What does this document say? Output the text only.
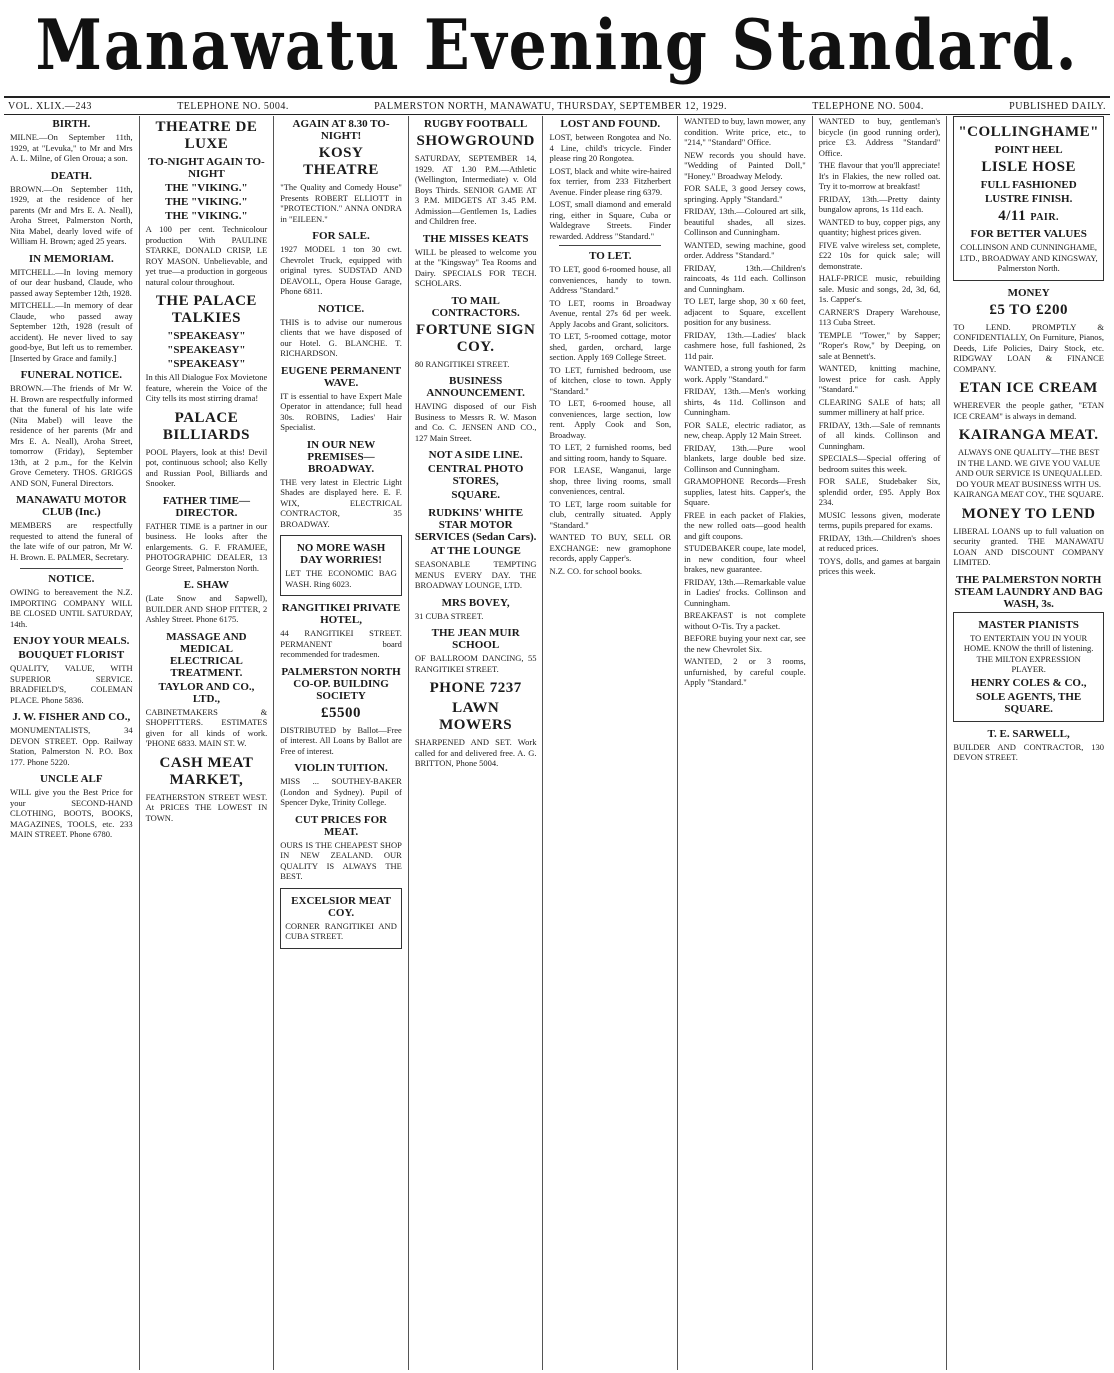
Manawatu Evening Standard.
VOL. XLIX.—243	TELEPHONE NO. 5004.	PALMERSTON NORTH, MANAWATU, THURSDAY, SEPTEMBER 12, 1929.	TELEPHONE NO. 5004.	PUBLISHED DAILY.
BIRTH.

MILNE.—On September 11th, 1929, at "Levuka," to Mr and Mrs A. L. Milne, of Glen Oroua; a son.

DEATH.

BROWN.—On September 11th, 1929, at the residence of her parents (Mr and Mrs E. A. Neall), Aroha Street, Palmerston North, Nita Mabel, dearly loved wife of William H. Brown; aged 25 years.

IN MEMORIAM.

MITCHELL.—In loving memory of our dear husband, Claude, who passed away September 12th, 1928.

MITCHELL.—In memory of dear Claude, who passed away September 12th, 1928 (result of accident). He never lived to say good-bye, But left us to remember. [Inserted by Grace and family.]

FUNERAL NOTICE.

BROWN.—The friends of Mr W. H. Brown are respectfully informed that the funeral of his late wife (Nita Mabel) will leave the residence of her parents (Mr and Mrs E. A. Neall), Aroha Street, tomorrow (Friday), September 13th, at 2 p.m., for the Kelvin Grove Cemetery. THOS. GRIGGS AND SON, Funeral Directors.

MANAWATU MOTOR CLUB (Inc.)

MEMBERS are respectfully requested to attend the funeral of the late wife of our patron, Mr W. H. Brown. E. PALMER, Secretary.

NOTICE.

OWING to bereavement the N.Z. IMPORTING COMPANY WILL BE CLOSED UNTIL SATURDAY, 14th.

ENJOY YOUR MEALS.
BOUQUET FLORIST

QUALITY, VALUE, WITH SUPERIOR SERVICE. BRADFIELD'S, COLEMAN PLACE. Phone 5836.

J. W. FISHER AND CO.,

MONUMENTALISTS, 34 DEVON STREET. Opp. Railway Station, Palmerston N. P.O. Box 177. Phone 5220.

UNCLE ALF

WILL give you the Best Price for your SECOND-HAND CLOTHING, BOOTS, BOOKS, MAGAZINES, TOOLS, etc. 233 MAIN STREET. Phone 6780.

THEATRE DE LUXE
TO-NIGHT AGAIN TO-NIGHT
THE "VIKING."
THE "VIKING."
THE "VIKING."

A 100 per cent. Technicolour production With PAULINE STARKE, DONALD CRISP, LE ROY MASON. Unbelievable, and yet true—a production in gorgeous natural colour throughout.

THE PALACE TALKIES
"SPEAKEASY"
"SPEAKEASY"
"SPEAKEASY"

In this All Dialogue Fox Movietone feature, wherein the Voice of the City tells its most stirring drama!

PALACE BILLIARDS

POOL Players, look at this! Devil pot, continuous school; also Kelly and Russian Pool, Billiards and Snooker.

FATHER TIME—DIRECTOR.

FATHER TIME is a partner in our business. He looks after the enlargements. G. F. FRAMJEE, PHOTOGRAPHIC DEALER, 13 George Street, Palmerston North.

E. SHAW

(Late Snow and Sapwell), BUILDER AND SHOP FITTER, 2 Ashley Street. Phone 6175.

MASSAGE AND MEDICAL ELECTRICAL TREATMENT.
TAYLOR AND CO., LTD.,

CABINETMAKERS & SHOPFITTERS. ESTIMATES given for all kinds of work. 'PHONE 6833. MAIN ST. W.

CASH MEAT MARKET,

FEATHERSTON STREET WEST. At PRICES THE LOWEST IN TOWN.

AGAIN AT 8.30 TO-NIGHT!
KOSY THEATRE

"The Quality and Comedy House" Presents ROBERT ELLIOTT in "PROTECTION." ANNA ONDRA in "EILEEN."

FOR SALE.

1927 MODEL 1 ton 30 cwt. Chevrolet Truck, equipped with original tyres. SUDSTAD AND DEAVOLL, Opera House Garage, Phone 6811.

NOTICE.

THIS is to advise our numerous clients that we have disposed of our Hotel. G. BLANCHE. T. RICHARDSON.

EUGENE PERMANENT WAVE.

IT is essential to have Expert Male Operator in attendance; full head 30s. ROBINS, Ladies' Hair Specialist.

IN OUR NEW PREMISES—BROADWAY.

THE very latest in Electric Light Shades are displayed here. E. F. WIX, ELECTRICAL CONTRACTOR, 35 BROADWAY.

NO MORE WASH DAY WORRIES!

LET THE ECONOMIC BAG WASH. Ring 6023.

RANGITIKEI PRIVATE HOTEL,

44 RANGITIKEI STREET. PERMANENT board recommended for tradesmen.

PALMERSTON NORTH CO-OP. BUILDING SOCIETY
£5500

DISTRIBUTED by Ballot—Free of interest. All Loans by Ballot are Free of interest.

VIOLIN TUITION.

MISS ... SOUTHEY-BAKER (London and Sydney). Pupil of Spencer Dyke, Trinity College.

CUT PRICES FOR MEAT.

OURS IS THE CHEAPEST SHOP IN NEW ZEALAND. OUR QUALITY IS ALWAYS THE BEST.

EXCELSIOR MEAT COY.

CORNER RANGITIKEI AND CUBA STREET.

RUGBY FOOTBALL
SHOWGROUND

SATURDAY, SEPTEMBER 14, 1929. AT 1.30 P.M.—Athletic (Wellington, Intermediate) v. Old Boys Thirds. SENIOR GAME AT 3 P.M. MIDGETS AT 3.45 P.M. Admission—Gentlemen 1s, Ladies and Children free.

THE MISSES KEATS

WILL be pleased to welcome you at the "Kingsway" Tea Rooms and Dairy. SPECIALS FOR TECH. SCHOLARS.

TO MAIL CONTRACTORS.
FORTUNE SIGN COY.

80 RANGITIKEI STREET.

BUSINESS ANNOUNCEMENT.

HAVING disposed of our Fish Business to Messrs R. W. Mason and Co. C. JENSEN AND CO., 127 Main Street.

NOT A SIDE LINE.
CENTRAL PHOTO STORES,
SQUARE.
RUDKINS' WHITE STAR MOTOR SERVICES (Sedan Cars).
AT THE LOUNGE

SEASONABLE TEMPTING MENUS EVERY DAY. THE BROADWAY LOUNGE, LTD.

MRS BOVEY,

31 CUBA STREET.

THE JEAN MUIR SCHOOL

OF BALLROOM DANCING, 55 RANGITIKEI STREET.

PHONE 7237
LAWN MOWERS

SHARPENED AND SET. Work called for and delivered free. A. G. BRITTON, Phone 5004.

LOST AND FOUND.

LOST, between Rongotea and No. 4 Line, child's tricycle. Finder please ring 20 Rongotea.

LOST, black and white wire-haired fox terrier, from 233 Fitzherbert Avenue. Finder please ring 6379.

LOST, small diamond and emerald ring, either in Square, Cuba or Waldegrave Streets. Finder rewarded. Address "Standard."

TO LET.

TO LET, good 6-roomed house, all conveniences, handy to town. Address "Standard."

TO LET, rooms in Broadway Avenue, rental 27s 6d per week. Apply Jacobs and Grant, solicitors.

TO LET, 5-roomed cottage, motor shed, garden, orchard, large section. Apply 169 College Street.

TO LET, furnished bedroom, use of kitchen, close to town. Apply "Standard."

TO LET, 6-roomed house, all conveniences, large section, low rent. Apply Cook and Son, Broadway.

TO LET, 2 furnished rooms, bed and sitting room, handy to Square.

FOR LEASE, Wanganui, large shop, three living rooms, small conveniences, central.

TO LET, large room suitable for club, centrally situated. Apply "Standard."

WANTED TO BUY, SELL OR EXCHANGE: new gramophone records, apply Capper's.

N.Z. CO. for school books.

WANTED to buy, lawn mower, any condition. Write price, etc., to "214," "Standard" Office.

NEW records you should have. "Wedding of Painted Doll," "Honey." Broadway Melody.

FOR SALE, 3 good Jersey cows, springing. Apply "Standard."

FRIDAY, 13th.—Coloured art silk, beautiful shades, all sizes. Collinson and Cunningham.

WANTED, sewing machine, good order. Address "Standard."

FRIDAY, 13th.—Children's raincoats, 4s 11d each. Collinson and Cunningham.

TO LET, large shop, 30 x 60 feet, adjacent to Square, excellent position for any business.

FRIDAY, 13th.—Ladies' black cashmere hose, full fashioned, 2s 11d pair.

WANTED, a strong youth for farm work. Apply "Standard."

FRIDAY, 13th.—Men's working shirts, 4s 11d. Collinson and Cunningham.

FOR SALE, electric radiator, as new, cheap. Apply 12 Main Street.

FRIDAY, 13th.—Pure wool blankets, large double bed size. Collinson and Cunningham.

GRAMOPHONE Records—Fresh supplies, latest hits. Capper's, the Square.

FREE in each packet of Flakies, the new rolled oats—good health and gift coupons.

STUDEBAKER coupe, late model, in new condition, four wheel brakes, new guarantee.

FRIDAY, 13th.—Remarkable value in Ladies' frocks. Collinson and Cunningham.

BREAKFAST is not complete without O-Tis. Try a packet.

BEFORE buying your next car, see the new Chevrolet Six.

WANTED, 2 or 3 rooms, unfurnished, by careful couple. Apply "Standard."

WANTED to buy, gentleman's bicycle (in good running order), price £3. Address "Standard" Office.

THE flavour that you'll appreciate! It's in Flakies, the new rolled oat. Try it to-morrow at breakfast!

FRIDAY, 13th.—Pretty dainty bungalow aprons, 1s 11d each.

WANTED to buy, copper pigs, any quantity; highest prices given.

FIVE valve wireless set, complete, £22 10s for quick sale; will demonstrate.

HALF-PRICE music, rebuilding sale. Music and songs, 2d, 3d, 6d, 1s. Capper's.

CARNER'S Drapery Warehouse, 113 Cuba Street.

TEMPLE "Tower," by Sapper; "Roper's Row," by Deeping, on sale at Bennett's.

WANTED, knitting machine, lowest price for cash. Apply "Standard."

CLEARING SALE of hats; all summer millinery at half price.

FRIDAY, 13th.—Sale of remnants of all kinds. Collinson and Cunningham.

SPECIALS—Special offering of bedroom suites this week.

FOR SALE, Studebaker Six, splendid order, £95. Apply Box 234.

MUSIC lessons given, moderate terms, pupils prepared for exams.

FRIDAY, 13th.—Children's shoes at reduced prices.

TOYS, dolls, and games at bargain prices this week.

"COLLINGHAME"
POINT HEEL
LISLE HOSE
FULL FASHIONED
LUSTRE FINISH.
4/11 PAIR.
FOR BETTER VALUES

COLLINSON AND CUNNINGHAME, LTD., BROADWAY AND KINGSWAY, Palmerston North.

MONEY
£5 TO £200

TO LEND. PROMPTLY & CONFIDENTIALLY, On Furniture, Pianos, Deeds, Life Policies, Dairy Stock, etc. RIDGWAY LOAN & FINANCE COMPANY.

ETAN ICE CREAM

WHEREVER the people gather, "ETAN ICE CREAM" is always in demand.

KAIRANGA MEAT.

ALWAYS ONE QUALITY—THE BEST IN THE LAND. WE GIVE YOU VALUE AND OUR SERVICE IS UNEQUALLED. DO YOUR MEAT BUSINESS WITH US. KAIRANGA MEAT COY., THE SQUARE.

MONEY TO LEND

LIBERAL LOANS up to full valuation on security granted. THE MANAWATU LOAN AND DISCOUNT COMPANY LIMITED.

THE PALMERSTON NORTH STEAM LAUNDRY AND BAG WASH, 3s.
MASTER PIANISTS

TO ENTERTAIN YOU IN YOUR HOME. KNOW the thrill of listening. THE MILTON EXPRESSION PLAYER.

HENRY COLES & CO.,
SOLE AGENTS, THE SQUARE.
T. E. SARWELL,

BUILDER AND CONTRACTOR, 130 DEVON STREET.
